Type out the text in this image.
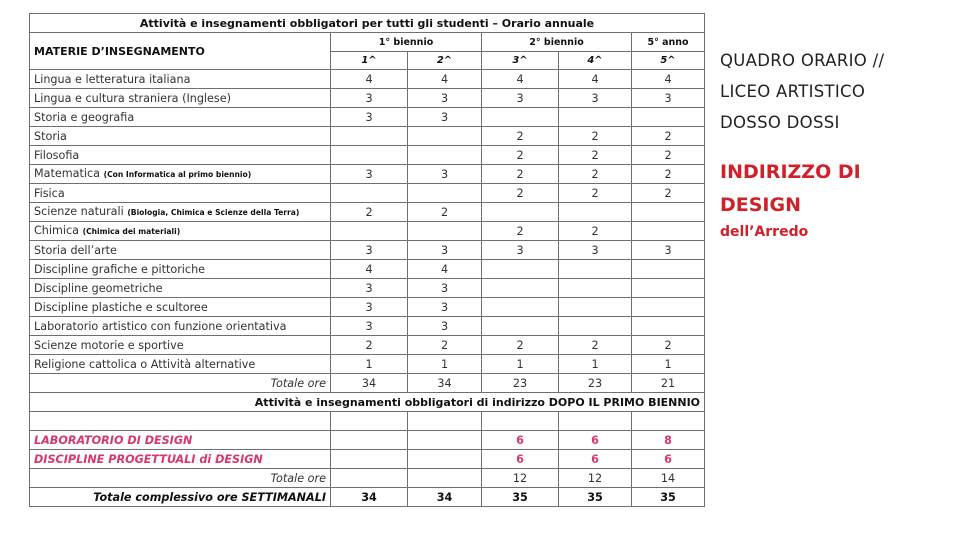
Attività e insegnamenti obbligatori per tutti gli studenti – Orario annuale					
MATERIE D’INSEGNAMENTO	1° biennio		2° biennio		5° anno
	1^	2^	3^	4^	5^
Lingua e letteratura italiana	4	4	4	4	4
Lingua e cultura straniera (Inglese)	3	3	3	3	3
Storia e geografia	3	3			
Storia			2	2	2
Filosofia			2	2	2
Matematica (Con Informatica al primo biennio)	3	3	2	2	2
Fisica			2	2	2
Scienze naturali (Biologia, Chimica e Scienze della Terra)	2	2			
Chimica (Chimica dei materiali)			2	2	
Storia dell’arte	3	3	3	3	3
Discipline grafiche e pittoriche	4	4			
Discipline geometriche	3	3			
Discipline plastiche e scultoree	3	3			
Laboratorio artistico con funzione orientativa	3	3			
Scienze motorie e sportive	2	2	2	2	2
Religione cattolica o Attività alternative	1	1	1	1	1
Totale ore	34	34	23	23	21
Attività e insegnamenti obbligatori di indirizzo DOPO IL PRIMO BIENNIO					

LABORATORIO DI DESIGN			6	6	8
DISCIPLINE PROGETTUALI di DESIGN			6	6	6
Totale ore			12	12	14
Totale complessivo ore SETTIMANALI	34	34	35	35	35
QUADRO ORARIO //
LICEO ARTISTICO
DOSSO DOSSI
INDIRIZZO DI
DESIGN
dell’Arredo
